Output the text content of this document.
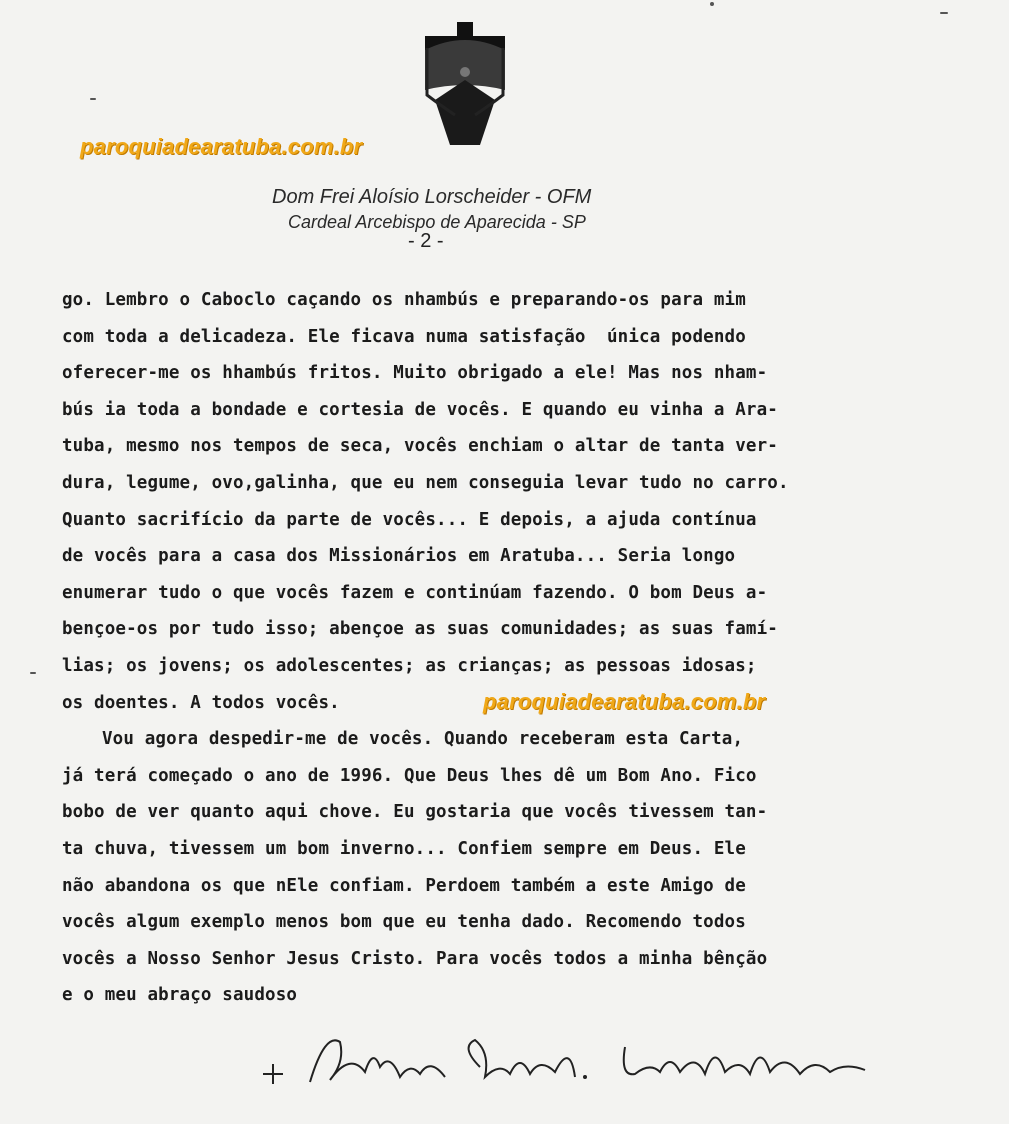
paroquiadearatuba.com.br
Dom Frei Aloísio Lorscheider - OFM
Cardeal Arcebispo de Aparecida - SP
- 2 -
go. Lembro o Caboclo caçando os nhambús e preparando-os para mim
com toda a delicadeza. Ele ficava numa satisfação  única podendo
oferecer-me os hhambús fritos. Muito obrigado a ele! Mas nos nham-
bús ia toda a bondade e cortesia de vocês. E quando eu vinha a Ara-
tuba, mesmo nos tempos de seca, vocês enchiam o altar de tanta ver-
dura, legume, ovo,galinha, que eu nem conseguia levar tudo no carro.
Quanto sacrifício da parte de vocês... E depois, a ajuda contínua
de vocês para a casa dos Missionários em Aratuba... Seria longo
enumerar tudo o que vocês fazem e continúam fazendo. O bom Deus a-
bençoe-os por tudo isso; abençoe as suas comunidades; as suas famí-
lias; os jovens; os adolescentes; as crianças; as pessoas idosas;
os doentes. A todos vocês.
Vou agora despedir-me de vocês. Quando receberam esta Carta,
já terá começado o ano de 1996. Que Deus lhes dê um Bom Ano. Fico
bobo de ver quanto aqui chove. Eu gostaria que vocês tivessem tan-
ta chuva, tivessem um bom inverno... Confiem sempre em Deus. Ele
não abandona os que nEle confiam. Perdoem também a este Amigo de
vocês algum exemplo menos bom que eu tenha dado. Recomendo todos
vocês a Nosso Senhor Jesus Cristo. Para vocês todos a minha bênção
e o meu abraço saudoso
paroquiadearatuba.com.br
